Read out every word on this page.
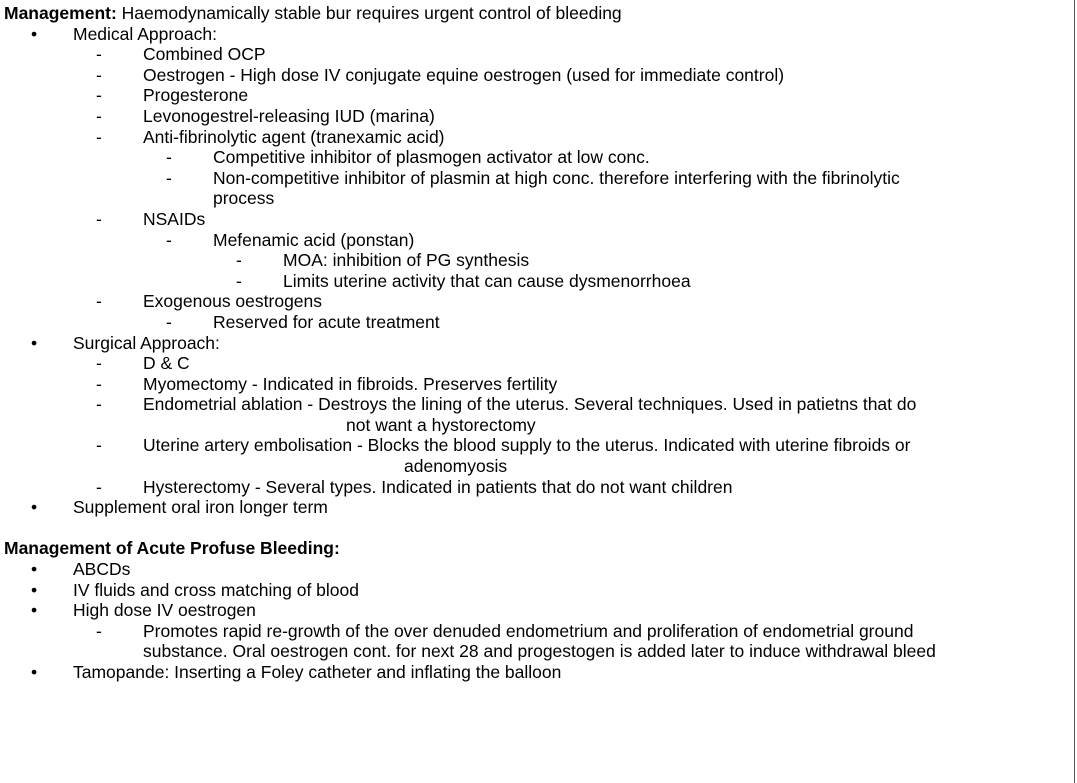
Management: Haemodynamically stable bur requires urgent control of bleeding
• Medical Approach:
- Combined OCP
- Oestrogen - High dose IV conjugate equine oestrogen (used for immediate control)
- Progesterone
- Levonogestrel-releasing IUD (marina)
- Anti-fibrinolytic agent (tranexamic acid)
- Competitive inhibitor of plasmogen activator at low conc.
- Non-competitive inhibitor of plasmin at high conc. therefore interfering with the fibrinolytic
process
- NSAIDs
- Mefenamic acid (ponstan)
- MOA: inhibition of PG synthesis
- Limits uterine activity that can cause dysmenorrhoea
- Exogenous oestrogens
- Reserved for acute treatment
• Surgical Approach:
- D & C
- Myomectomy - Indicated in fibroids. Preserves fertility
- Endometrial ablation - Destroys the lining of the uterus. Several techniques. Used in patietns that do
not want a hystorectomy
- Uterine artery embolisation - Blocks the blood supply to the uterus. Indicated with uterine fibroids or
adenomyosis
- Hysterectomy - Several types. Indicated in patients that do not want children
• Supplement oral iron longer term
Management of Acute Profuse Bleeding:
• ABCDs
• IV fluids and cross matching of blood
• High dose IV oestrogen
- Promotes rapid re-growth of the over denuded endometrium and proliferation of endometrial ground
substance. Oral oestrogen cont. for next 28 and progestogen is added later to induce withdrawal bleed
• Tamopande: Inserting a Foley catheter and inflating the balloon
